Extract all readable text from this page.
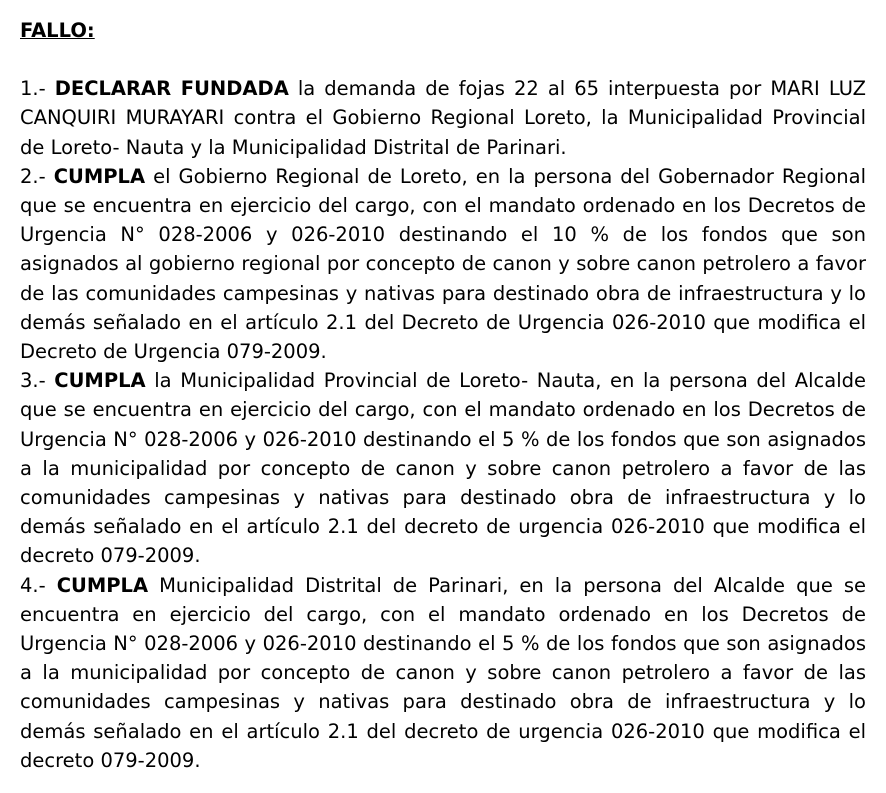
FALLO:

1.- DECLARAR FUNDADA la demanda de fojas 22 al 65 interpuesta por MARI LUZ CANQUIRI MURAYARI contra el Gobierno Regional Loreto, la Municipalidad Provincial de Loreto- Nauta y la Municipalidad Distrital de Parinari.

2.- CUMPLA el Gobierno Regional de Loreto, en la persona del Gobernador Regional que se encuentra en ejercicio del cargo, con el mandato ordenado en los Decretos de Urgencia N° 028-2006 y 026-2010 destinando el 10 % de los fondos que son asignados al gobierno regional por concepto de canon y sobre canon petrolero a favor de las comunidades campesinas y nativas para destinado obra de infraestructura y lo demás señalado en el artículo 2.1 del Decreto de Urgencia 026-2010 que modifica el Decreto de Urgencia 079-2009.

3.- CUMPLA la Municipalidad Provincial de Loreto- Nauta, en la persona del Alcalde que se encuentra en ejercicio del cargo, con el mandato ordenado en los Decretos de Urgencia N° 028-2006 y 026-2010 destinando el 5 % de los fondos que son asignados a la municipalidad por concepto de canon y sobre canon petrolero a favor de las comunidades campesinas y nativas para destinado obra de infraestructura y lo demás señalado en el artículo 2.1 del decreto de urgencia 026-2010 que modifica el decreto 079-2009.

4.- CUMPLA Municipalidad Distrital de Parinari, en la persona del Alcalde que se encuentra en ejercicio del cargo, con el mandato ordenado en los Decretos de Urgencia N° 028-2006 y 026-2010 destinando el 5 % de los fondos que son asignados a la municipalidad por concepto de canon y sobre canon petrolero a favor de las comunidades campesinas y nativas para destinado obra de infraestructura y lo demás señalado en el artículo 2.1 del decreto de urgencia 026-2010 que modifica el decreto 079-2009.
